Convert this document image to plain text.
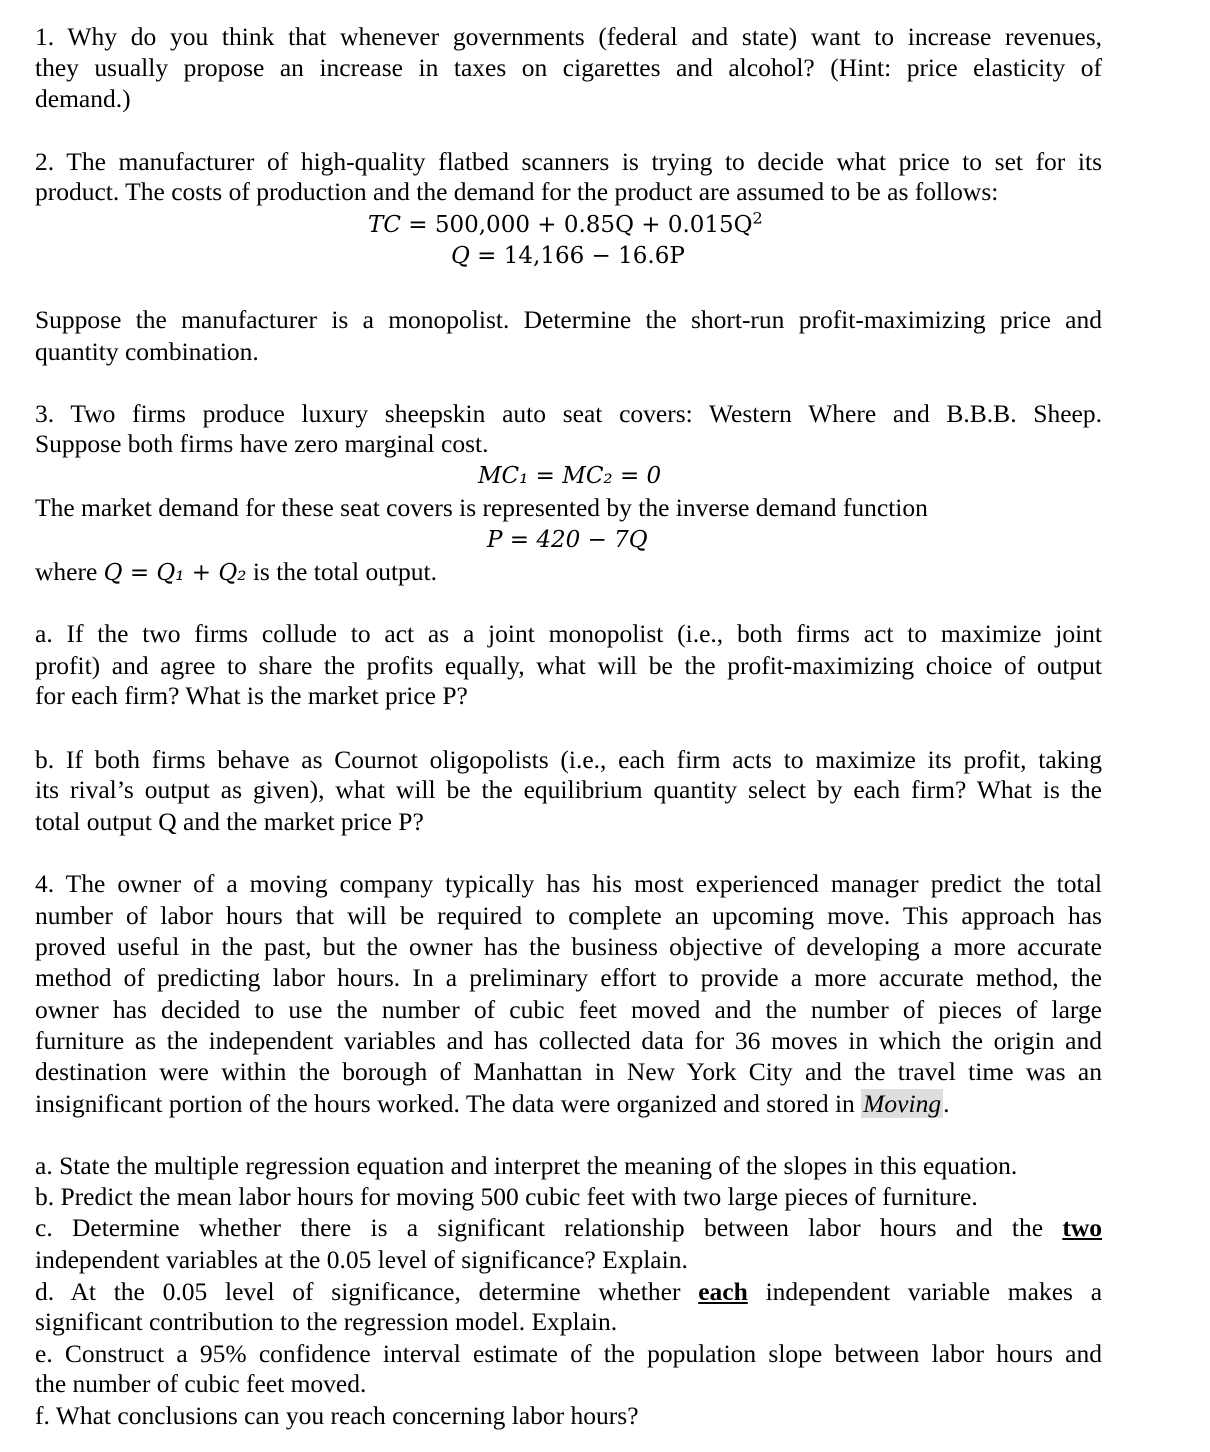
1. Why do you think that whenever governments (federal and state) want to increase revenues,
they usually propose an increase in taxes on cigarettes and alcohol? (Hint: price elasticity of
demand.)
2. The manufacturer of high-quality flatbed scanners is trying to decide what price to set for its
product. The costs of production and the demand for the product are assumed to be as follows:
TC = $500,000 + 0.85Q + 0.015Q^2$
Q = 14,166 − 16.6P
Suppose the manufacturer is a monopolist. Determine the short-run profit-maximizing price and
quantity combination.
3. Two firms produce luxury sheepskin auto seat covers: Western Where and B.B.B. Sheep.
Suppose both firms have zero marginal cost.
MC₁ = MC₂ = 0
The market demand for these seat covers is represented by the inverse demand function
P = 420 − 7Q
where Q = Q₁ + Q₂ is the total output.
a. If the two firms collude to act as a joint monopolist (i.e., both firms act to maximize joint
profit) and agree to share the profits equally, what will be the profit-maximizing choice of output
for each firm? What is the market price P?
b. If both firms behave as Cournot oligopolists (i.e., each firm acts to maximize its profit, taking
its rival’s output as given), what will be the equilibrium quantity select by each firm? What is the
total output Q and the market price P?
4. The owner of a moving company typically has his most experienced manager predict the total
number of labor hours that will be required to complete an upcoming move. This approach has
proved useful in the past, but the owner has the business objective of developing a more accurate
method of predicting labor hours. In a preliminary effort to provide a more accurate method, the
owner has decided to use the number of cubic feet moved and the number of pieces of large
furniture as the independent variables and has collected data for 36 moves in which the origin and
destination were within the borough of Manhattan in New York City and the travel time was an
insignificant portion of the hours worked. The data were organized and stored in Moving.
a. State the multiple regression equation and interpret the meaning of the slopes in this equation.
b. Predict the mean labor hours for moving 500 cubic feet with two large pieces of furniture.
c. Determine whether there is a significant relationship between labor hours and the two
independent variables at the 0.05 level of significance? Explain.
d. At the 0.05 level of significance, determine whether each independent variable makes a
significant contribution to the regression model. Explain.
e. Construct a 95% confidence interval estimate of the population slope between labor hours and
the number of cubic feet moved.
f. What conclusions can you reach concerning labor hours?
